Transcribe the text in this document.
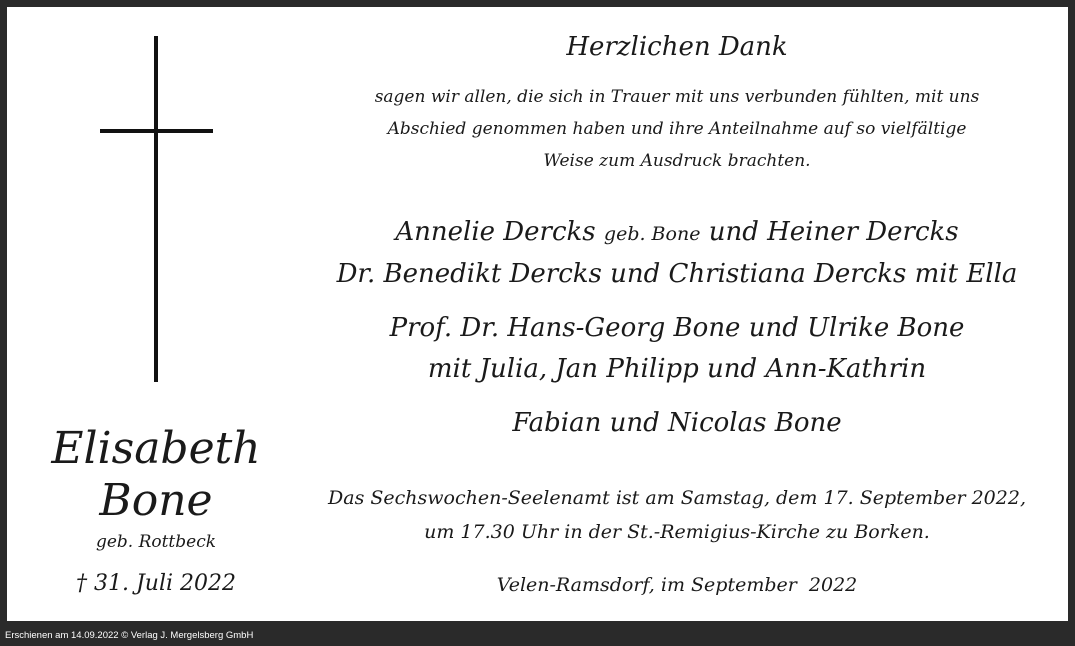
Elisabeth
Bone
geb. Rottbeck
† 31. Juli 2022
Herzlichen Dank
sagen wir allen, die sich in Trauer mit uns verbunden fühlten, mit uns
Abschied genommen haben und ihre Anteilnahme auf so vielfältige
Weise zum Ausdruck brachten.
Annelie Dercks geb. Bone und Heiner Dercks
Dr. Benedikt Dercks und Christiana Dercks mit Ella
Prof. Dr. Hans-Georg Bone und Ulrike Bone
mit Julia, Jan Philipp und Ann-Kathrin
Fabian und Nicolas Bone
Das Sechswochen-Seelenamt ist am Samstag, dem 17. September 2022,
um 17.30 Uhr in der St.-Remigius-Kirche zu Borken.
Velen-Ramsdorf, im September  2022
Erschienen am 14.09.2022 © Verlag J. Mergelsberg GmbH
